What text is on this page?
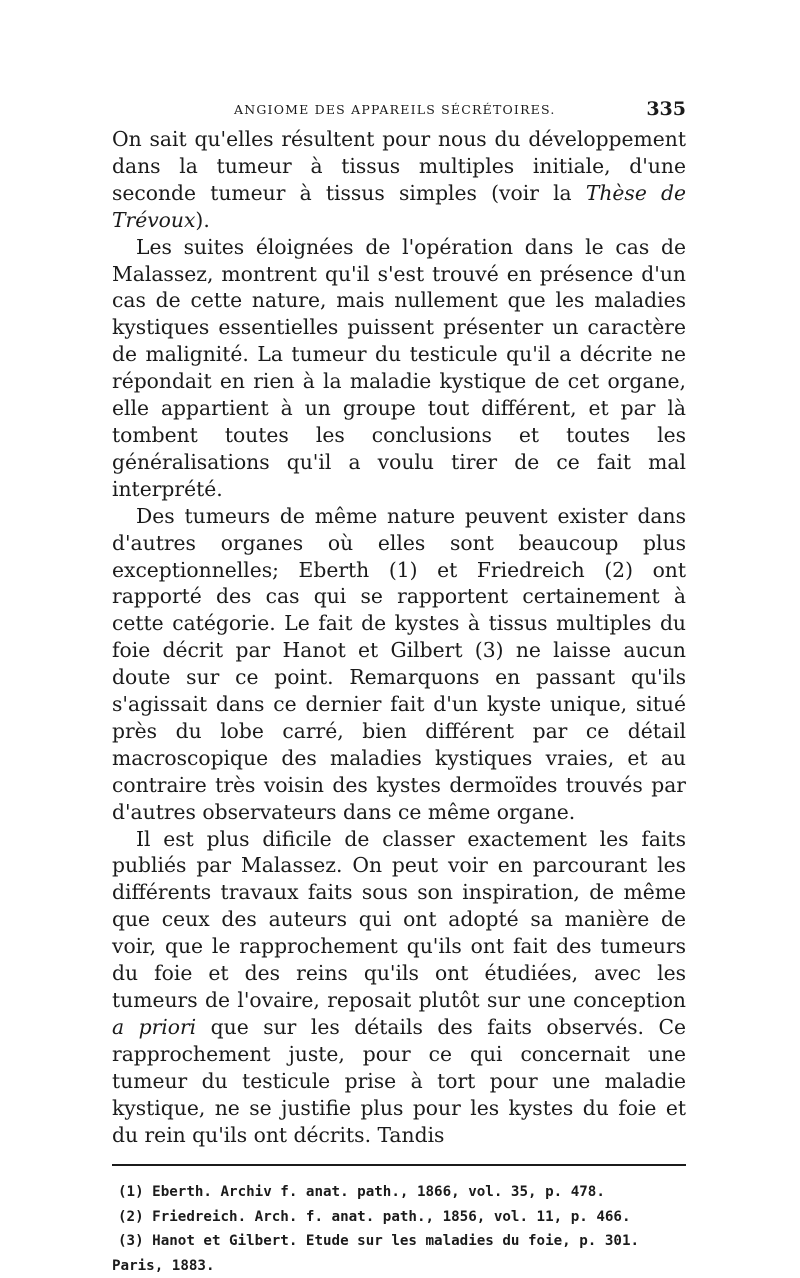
ANGIOME DES APPAREILS SÉCRÉTOIRES.	335

On sait qu'elles résultent pour nous du développement dans la tumeur à tissus multiples initiale, d'une seconde tumeur à tissus simples (voir la Thèse de Trévoux).

Les suites éloignées de l'opération dans le cas de Malassez, montrent qu'il s'est trouvé en présence d'un cas de cette nature, mais nullement que les maladies kystiques essentielles puissent présenter un caractère de malignité. La tumeur du testicule qu'il a décrite ne répondait en rien à la maladie kystique de cet organe, elle appartient à un groupe tout différent, et par là tombent toutes les conclusions et toutes les généralisations qu'il a voulu tirer de ce fait mal interprété.

Des tumeurs de même nature peuvent exister dans d'autres organes où elles sont beaucoup plus exceptionnelles; Eberth (1) et Friedreich (2) ont rapporté des cas qui se rapportent certainement à cette catégorie. Le fait de kystes à tissus multiples du foie décrit par Hanot et Gilbert (3) ne laisse aucun doute sur ce point. Remarquons en passant qu'ils s'agissait dans ce dernier fait d'un kyste unique, situé près du lobe carré, bien différent par ce détail macroscopique des maladies kystiques vraies, et au contraire très voisin des kystes dermoïdes trouvés par d'autres observateurs dans ce même organe.

Il est plus dificile de classer exactement les faits publiés par Malassez. On peut voir en parcourant les différents travaux faits sous son inspiration, de même que ceux des auteurs qui ont adopté sa manière de voir, que le rapprochement qu'ils ont fait des tumeurs du foie et des reins qu'ils ont étudiées, avec les tumeurs de l'ovaire, reposait plutôt sur une conception a priori que sur les détails des faits observés. Ce rapprochement juste, pour ce qui concernait une tumeur du testicule prise à tort pour une maladie kystique, ne se justifie plus pour les kystes du foie et du rein qu'ils ont décrits. Tandis

(1) Eberth. Archiv f. anat. path., 1866, vol. 35, p. 478.

(2) Friedreich. Arch. f. anat. path., 1856, vol. 11, p. 466.

(3) Hanot et Gilbert. Etude sur les maladies du foie, p. 301. Paris, 1883.
